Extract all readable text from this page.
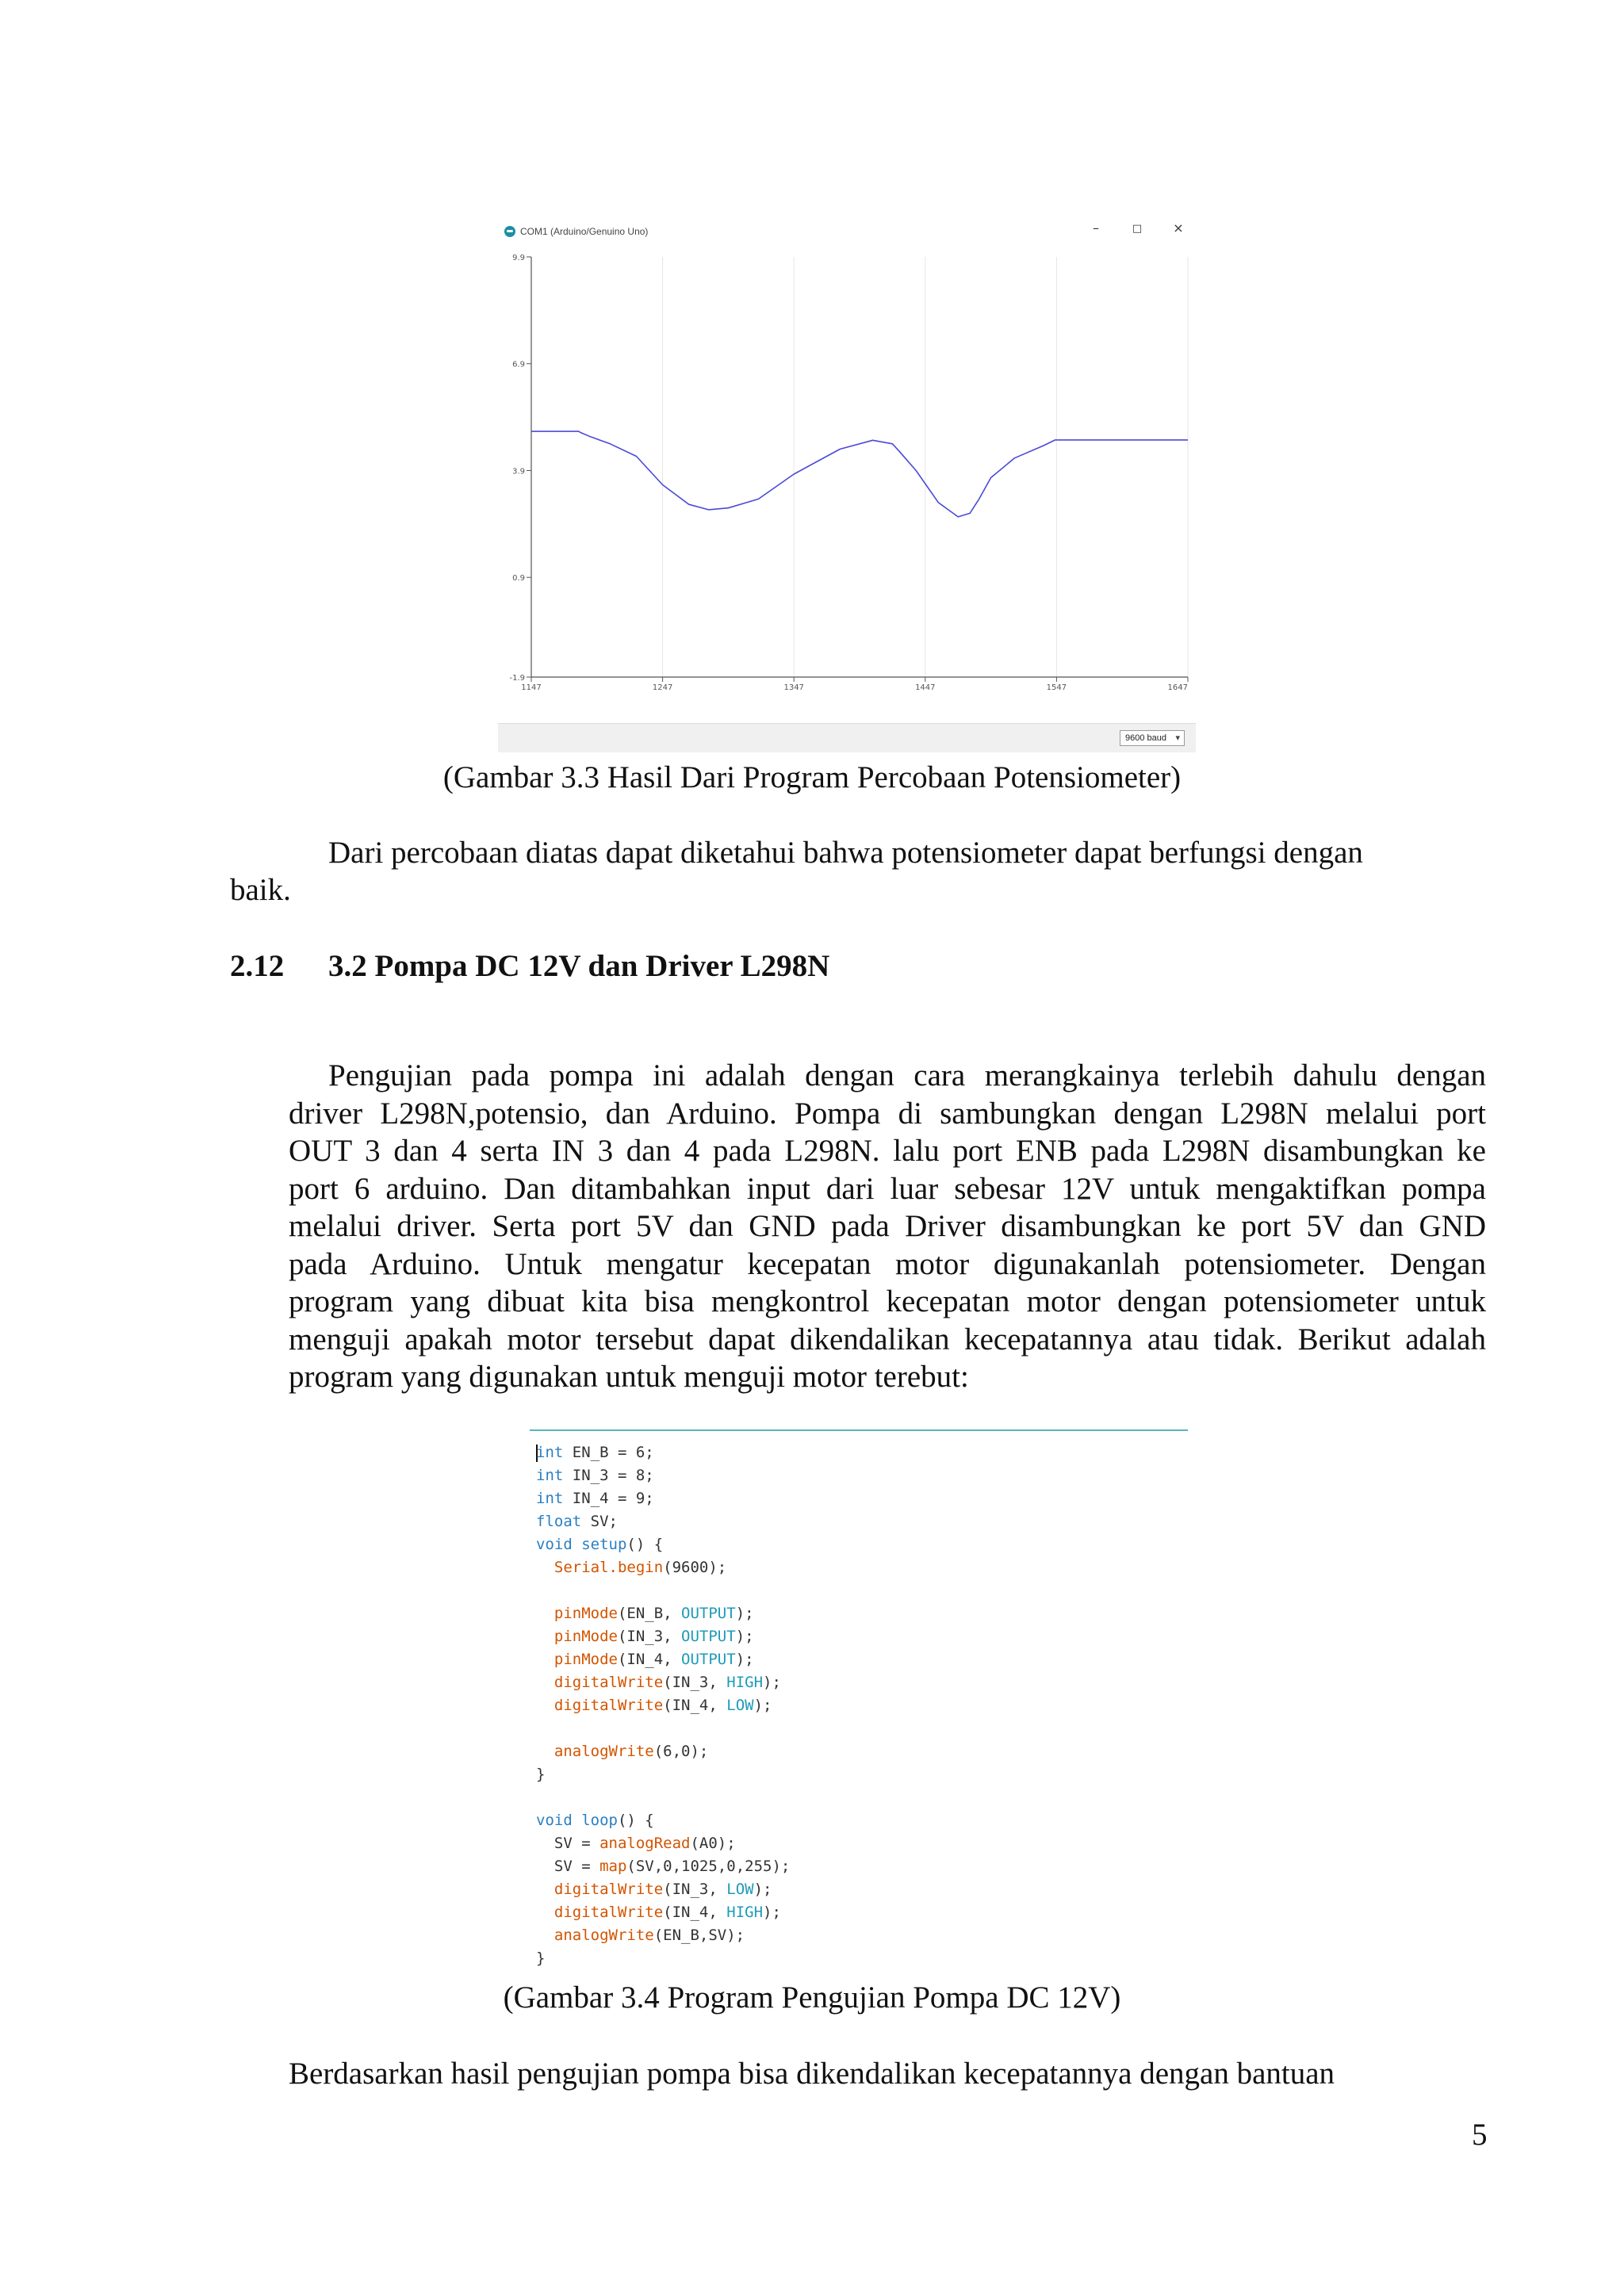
COM1 (Arduino/Genuino Uno)	–	□	×
1147	1247	1347	1447	1547	1647
9.9
6.9
3.9
0.9
-1.9
9600 baud ▾
(Gambar 3.3 Hasil Dari Program Percobaan Potensiometer)
Dari percobaan diatas dapat diketahui bahwa potensiometer dapat berfungsi dengan
baik.
2.12 3.2 Pompa DC 12V dan Driver L298N
Pengujian pada pompa ini adalah dengan cara merangkainya terlebih dahulu dengan
driver L298N,potensio, dan Arduino. Pompa di sambungkan dengan L298N melalui port
OUT 3 dan 4 serta IN 3 dan 4 pada L298N. lalu port ENB pada L298N disambungkan ke
port 6 arduino. Dan ditambahkan input dari luar sebesar 12V untuk mengaktifkan pompa
melalui driver. Serta port 5V dan GND pada Driver disambungkan ke port 5V dan GND
pada Arduino. Untuk mengatur kecepatan motor digunakanlah potensiometer. Dengan
program yang dibuat kita bisa mengkontrol kecepatan motor dengan potensiometer untuk
menguji apakah motor tersebut dapat dikendalikan kecepatannya atau tidak. Berikut adalah
program yang digunakan untuk menguji motor terebut:
int EN_B = 6;
int IN_3 = 8;
int IN_4 = 9;
float SV;
void setup() {
Serial.begin(9600);

pinMode(EN_B, OUTPUT);
pinMode(IN_3, OUTPUT);
pinMode(IN_4, OUTPUT);
digitalWrite(IN_3, HIGH);
digitalWrite(IN_4, LOW);

analogWrite(6,0);
}

void loop() {
SV = analogRead(A0);
SV = map(SV,0,1025,0,255);
digitalWrite(IN_3, LOW);
digitalWrite(IN_4, HIGH);
analogWrite(EN_B,SV);
}
(Gambar 3.4 Program Pengujian Pompa DC 12V)
Berdasarkan hasil pengujian pompa bisa dikendalikan kecepatannya dengan bantuan
5
